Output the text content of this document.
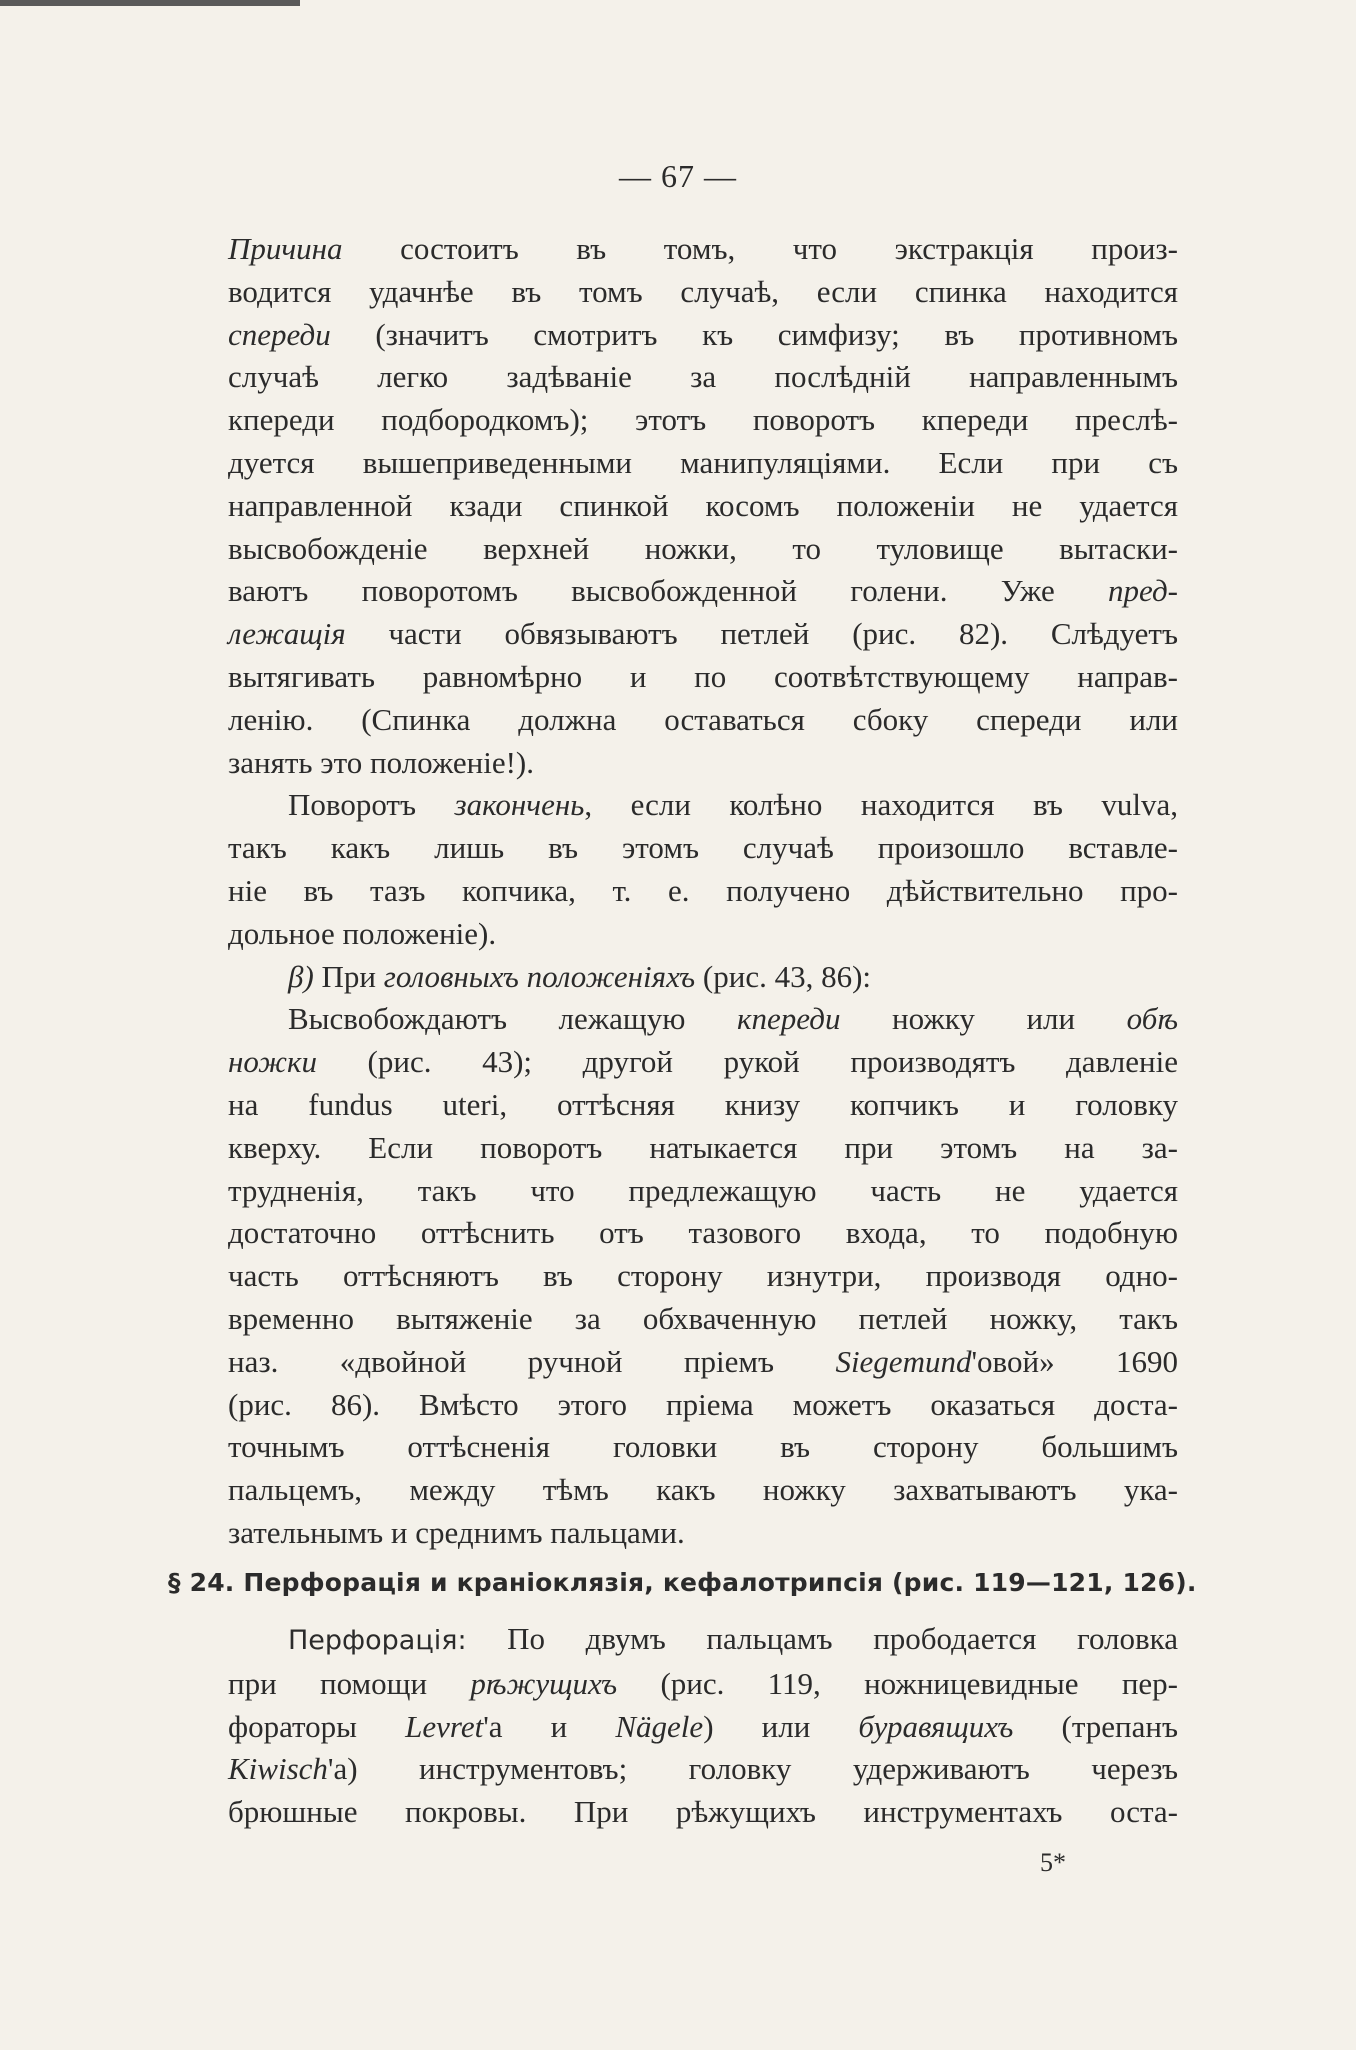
— 67 —

Причина состоитъ въ томъ, что экстракція произ-
водится удачнѣе въ томъ случаѣ, если спинка находится
спереди (значитъ смотритъ къ симфизу; въ противномъ
случаѣ легко задѣваніе за послѣдній направленнымъ
кпереди подбородкомъ); этотъ поворотъ кпереди преслѣ-
дуется вышеприведенными манипуляціями. Если при съ
направленной кзади спинкой косомъ положеніи не удается
высвобожденіе верхней ножки, то туловище вытаски-
ваютъ поворотомъ высвобожденной голени. Уже пред-
лежащія части обвязываютъ петлей (рис. 82). Слѣдуетъ
вытягивать равномѣрно и по соотвѣтствующему направ-
ленію. (Спинка должна оставаться сбоку спереди или
занять это положеніе!).

Поворотъ закончень, если колѣно находится въ vulva,
такъ какъ лишь въ этомъ случаѣ произошло вставле-
ніе въ тазъ копчика, т. е. получено дѣйствительно про-
дольное положеніе).

β) При головныхъ положеніяхъ (рис. 43, 86):
Высвобождаютъ лежащую кпереди ножку или обѣ
ножки (рис. 43); другой рукой производятъ давленіе
на fundus uteri, оттѣсняя книзу копчикъ и головку
кверху. Если поворотъ натыкается при этомъ на за-
трудненія, такъ что предлежащую часть не удается
достаточно оттѣснить отъ тазового входа, то подобную
часть оттѣсняютъ въ сторону изнутри, производя одно-
временно вытяженіе за обхваченную петлей ножку, такъ
наз. «двойной ручной пріемъ Siegemund'овой» 1690
(рис. 86). Вмѣсто этого пріема можетъ оказаться доста-
точнымъ оттѣсненія головки въ сторону большимъ
пальцемъ, между тѣмъ какъ ножку захватываютъ ука-
зательнымъ и среднимъ пальцами.

§ 24. Перфорація и краніоклязія, кефалотрипсія (рис. 119—121, 126).

Перфорація: По двумъ пальцамъ прободается головка
при помощи рѣжущихъ (рис. 119, ножницевидные пер-
фораторы Levret'а и Nägele) или буравящихъ (трепанъ
Kiwisch'а) инструментовъ; головку удерживаютъ черезъ
брюшные покровы. При рѣжущихъ инструментахъ оста-

5*
